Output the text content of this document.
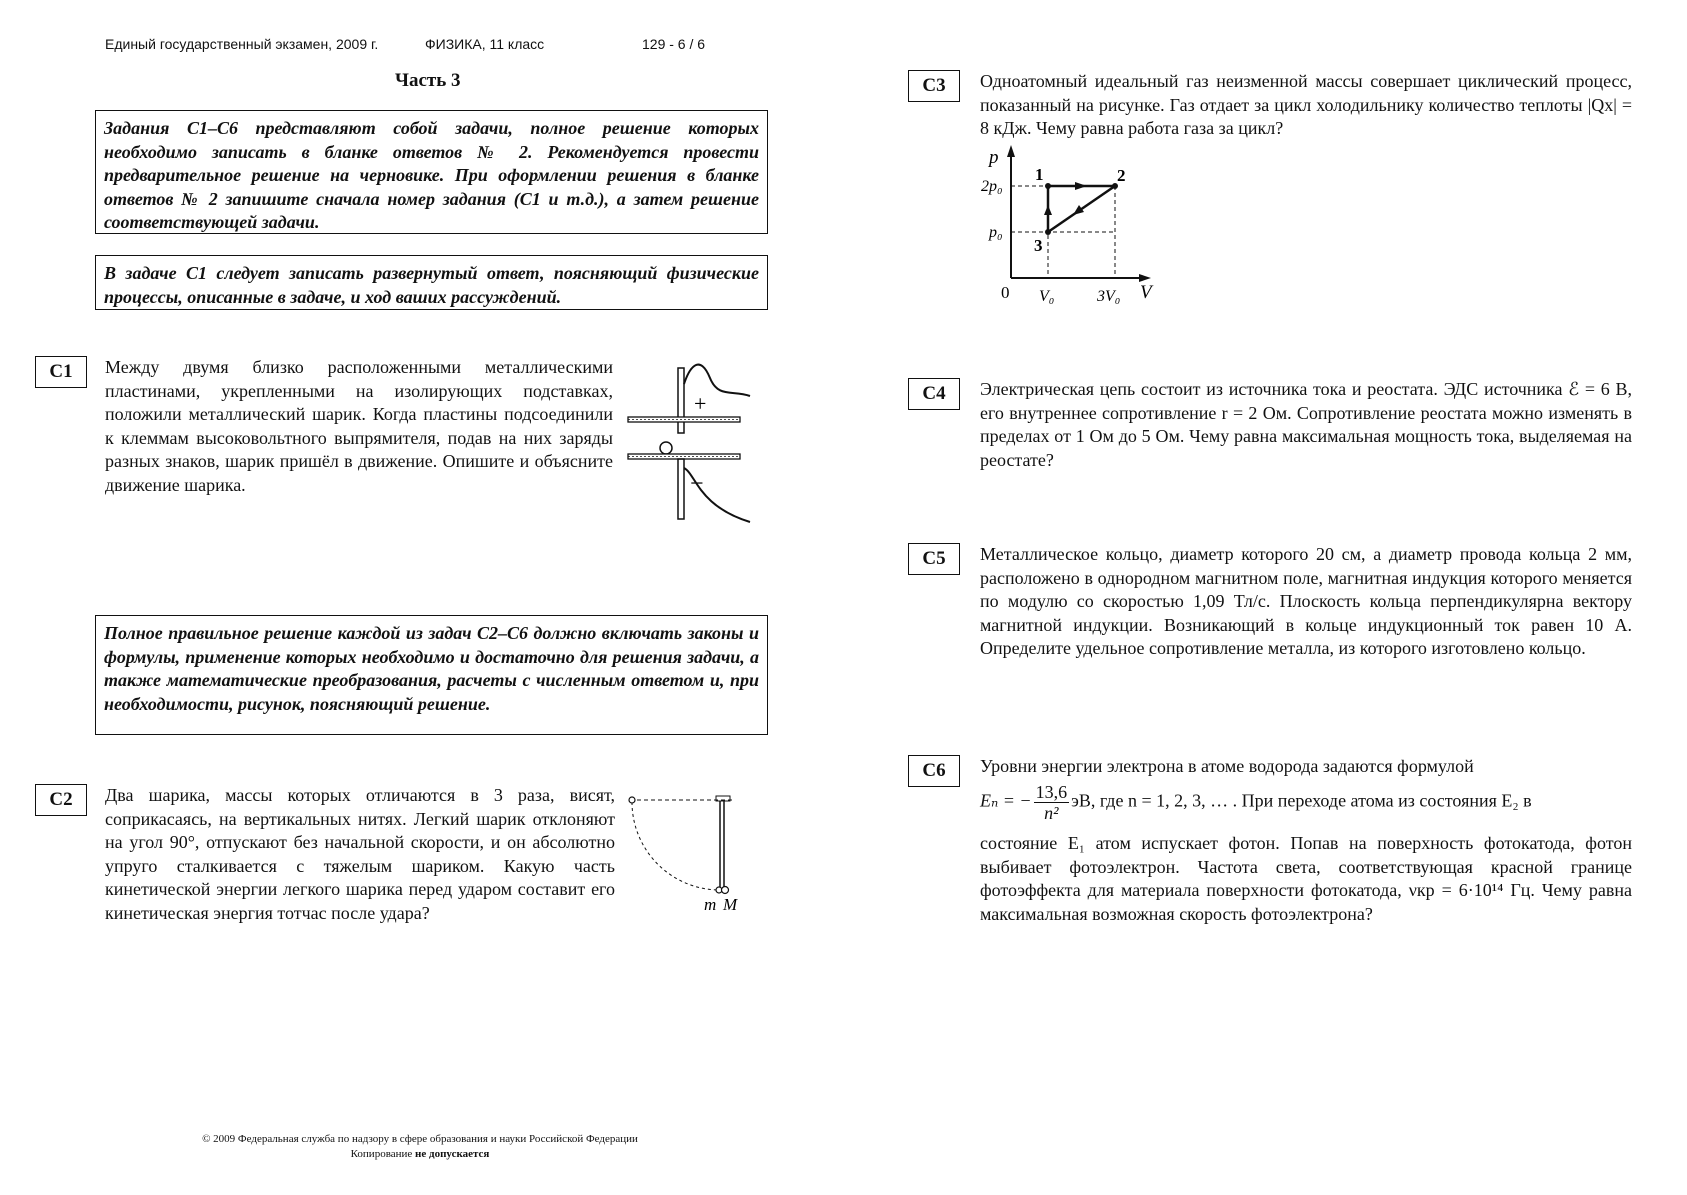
Единый государственный экзамен, 2009 г.	ФИЗИКА, 11 класс	129 - 6 / 6
Часть 3
Задания С1–С6 представляют собой задачи, полное решение которых необходимо записать в бланке ответов № 2. Рекомендуется провести предварительное решение на черновике. При оформлении решения в бланке ответов № 2 запишите сначала номер задания (С1 и т.д.), а затем решение соответствующей задачи.
В задаче С1 следует записать развернутый ответ, поясняющий физические процессы, описанные в задаче, и ход ваших рассуждений.
С1	Между двумя близко расположенными металлическими пластинами, укрепленными на изолирующих подставках, положили металлический шарик. Когда пластины подсоединили к клеммам высоковольтного выпрямителя, подав на них заряды разных знаков, шарик пришёл в движение. Опишите и объясните движение шарика.
+
−
Полное правильное решение каждой из задач С2–С6 должно включать законы и формулы, применение которых необходимо и достаточно для решения задачи, а также математические преобразования, расчеты с численным ответом и, при необходимости, рисунок, поясняющий решение.
С2	Два шарика, массы которых отличаются в 3 раза, висят, соприкасаясь, на вертикальных нитях. Легкий шарик отклоняют на угол 90°, отпускают без начальной скорости, и он абсолютно упруго сталкивается с тяжелым шариком. Какую часть кинетической энергии легкого шарика перед ударом составит его кинетическая энергия тотчас после удара?	m M
С3	Одноатомный идеальный газ неизменной массы совершает циклический процесс, показанный на рисунке. Газ отдает за цикл холодильнику количество теплоты |Qх| = 8 кДж. Чему равна работа газа за цикл?
p
V
0
2p₀
p₀
V₀	3V₀
1	2
3
С4	Электрическая цепь состоит из источника тока и реостата. ЭДС источника ℰ = 6 В, его внутреннее сопротивление r = 2 Ом. Сопротивление реостата можно изменять в пределах от 1 Ом до 5 Ом. Чему равна максимальная мощность тока, выделяемая на реостате?
С5	Металлическое кольцо, диаметр которого 20 см, а диаметр провода кольца 2 мм, расположено в однородном магнитном поле, магнитная индукция которого меняется по модулю со скоростью 1,09 Тл/с. Плоскость кольца перпендикулярна вектору магнитной индукции. Возникающий в кольце индукционный ток равен 10 А. Определите удельное сопротивление металла, из которого изготовлено кольцо.
С6	Уровни энергии электрона в атоме водорода задаются формулой
Eₙ = − $\frac{13,6}{\text{n²}}$ эВ, где n = 1, 2, 3, … . При переходе атома из состояния E₂ в
состояние E₁ атом испускает фотон. Попав на поверхность фотокатода, фотон выбивает фотоэлектрон. Частота света, соответствующая красной границе фотоэффекта для материала поверхности фотокатода, νкр = 6·10¹⁴ Гц. Чему равна максимальная возможная скорость фотоэлектрона?
© 2009 Федеральная служба по надзору в сфере образования и науки Российской Федерации
Копирование не допускается
